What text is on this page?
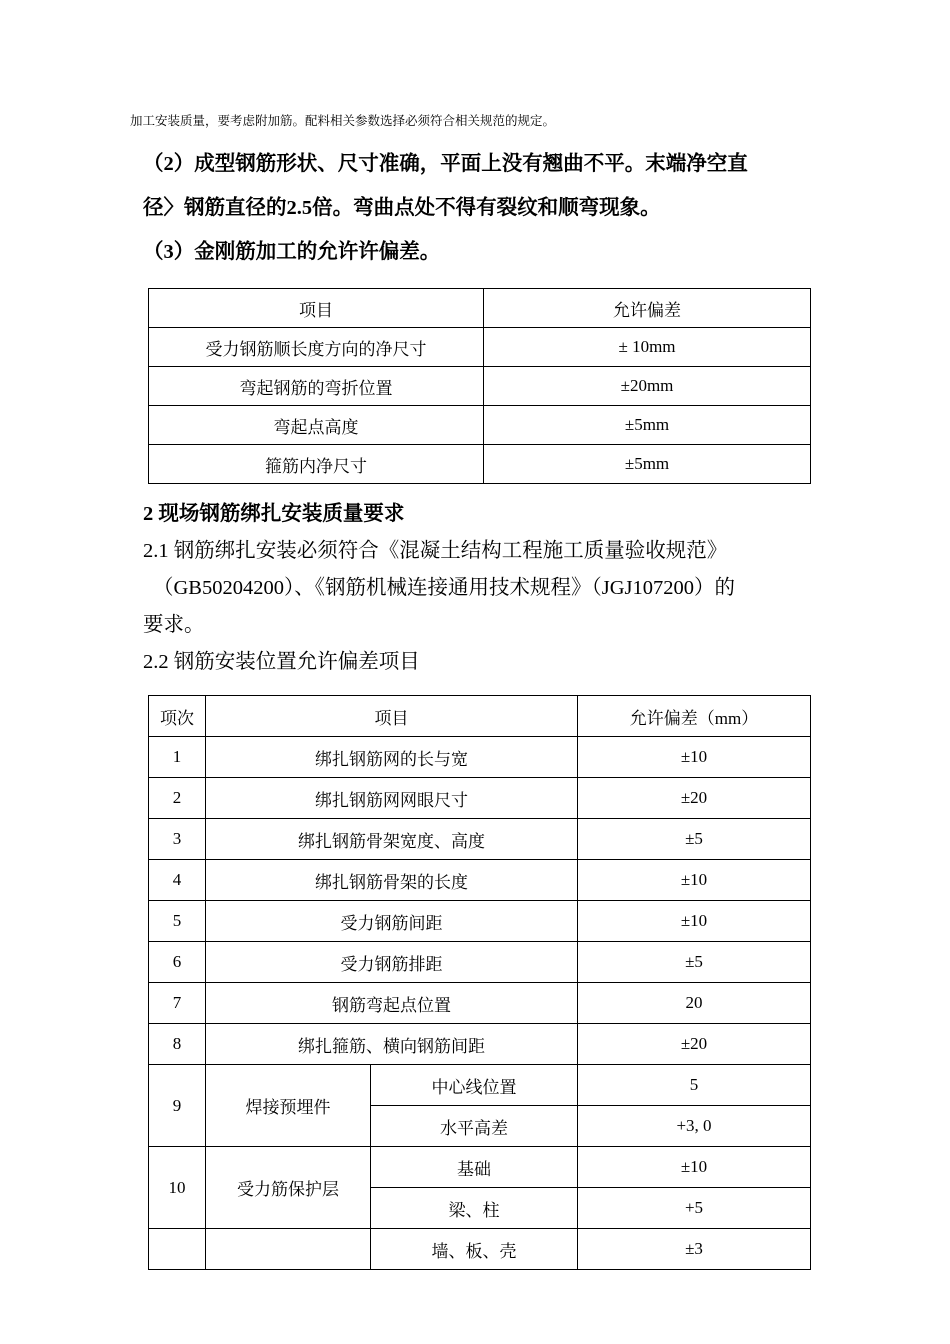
加工安装质量，要考虑附加筋。配料相关参数选择必须符合相关规范的规定。

（2）成型钢筋形状、尺寸准确，平面上没有翘曲不平。末端净空直
径〉钢筋直径的2.5倍。弯曲点处不得有裂纹和顺弯现象。

（3）金刚筋加工的允许许偏差。

项目	允许偏差
受力钢筋顺长度方向的净尺寸	± 10mm
弯起钢筋的弯折位置	±20mm
弯起点高度	±5mm
箍筋内净尺寸	±5mm

2 现场钢筋绑扎安装质量要求

2.1 钢筋绑扎安装必须符合《混凝土结构工程施工质量验收规范》

（GB50204200）、《钢筋机械连接通用技术规程》（JGJ107200）的

要求。

2.2 钢筋安装位置允许偏差项目

项次	项目		允许偏差（mm）
1	绑扎钢筋网的长与宽		±10
2	绑扎钢筋网网眼尺寸		±20
3	绑扎钢筋骨架宽度、高度		±5
4	绑扎钢筋骨架的长度		±10
5	受力钢筋间距		±10
6	受力钢筋排距		±5
7	钢筋弯起点位置		20
8	绑扎箍筋、横向钢筋间距		±20
9	焊接预埋件	中心线位置	5
		水平高差	+3, 0
10	受力筋保护层	基础	±10
		梁、柱	+5
		墙、板、壳	±3
